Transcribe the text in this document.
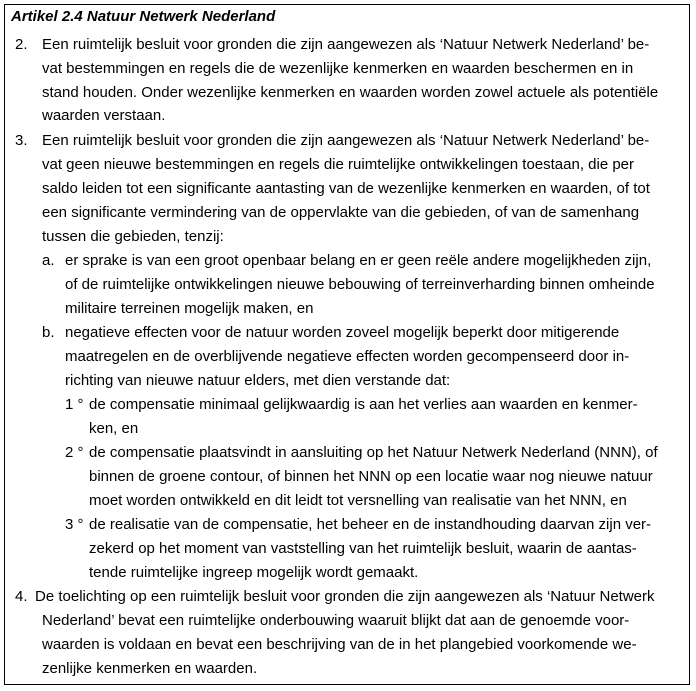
Artikel 2.4 Natuur Netwerk Nederland
2. Een ruimtelijk besluit voor gronden die zijn aangewezen als ‘Natuur Netwerk Nederland’ be-
vat bestemmingen en regels die de wezenlijke kenmerken en waarden beschermen en in
stand houden. Onder wezenlijke kenmerken en waarden worden zowel actuele als potentiële
waarden verstaan.
3. Een ruimtelijk besluit voor gronden die zijn aangewezen als ‘Natuur Netwerk Nederland’ be-
vat geen nieuwe bestemmingen en regels die ruimtelijke ontwikkelingen toestaan, die per
saldo leiden tot een significante aantasting van de wezenlijke kenmerken en waarden, of tot
een significante vermindering van de oppervlakte van die gebieden, of van de samenhang
tussen die gebieden, tenzij:
a. er sprake is van een groot openbaar belang en er geen reële andere mogelijkheden zijn,
of de ruimtelijke ontwikkelingen nieuwe bebouwing of terreinverharding binnen omheinde
militaire terreinen mogelijk maken, en
b. negatieve effecten voor de natuur worden zoveel mogelijk beperkt door mitigerende
maatregelen en de overblijvende negatieve effecten worden gecompenseerd door in-
richting van nieuwe natuur elders, met dien verstande dat:
1 ° de compensatie minimaal gelijkwaardig is aan het verlies aan waarden en kenmer-
ken, en
2 ° de compensatie plaatsvindt in aansluiting op het Natuur Netwerk Nederland (NNN), of
binnen de groene contour, of binnen het NNN op een locatie waar nog nieuwe natuur
moet worden ontwikkeld en dit leidt tot versnelling van realisatie van het NNN, en
3 ° de realisatie van de compensatie, het beheer en de instandhouding daarvan zijn ver-
zekerd op het moment van vaststelling van het ruimtelijk besluit, waarin de aantas-
tende ruimtelijke ingreep mogelijk wordt gemaakt.
4. De toelichting op een ruimtelijk besluit voor gronden die zijn aangewezen als ‘Natuur Netwerk
Nederland’ bevat een ruimtelijke onderbouwing waaruit blijkt dat aan de genoemde voor-
waarden is voldaan en bevat een beschrijving van de in het plangebied voorkomende we-
zenlijke kenmerken en waarden.
